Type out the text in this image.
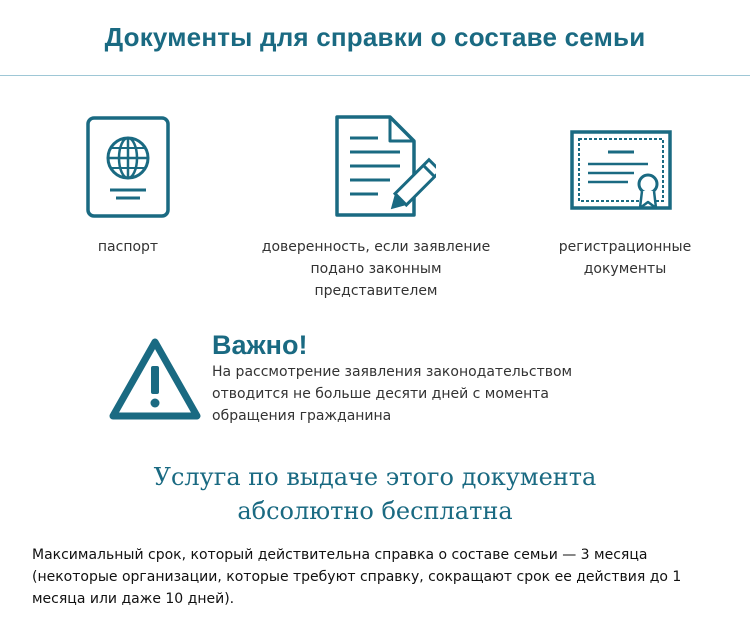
Документы для справки о составе семьи
паспорт	доверенность, если заявление подано законным представителем
регистрационные документы
Важно!
На рассмотрение заявления законодательством отводится не больше десяти дней с момента обращения гражданина
Услуга по выдаче этого документа
абсолютно бесплатна
Максимальный срок, который действительна справка о составе семьи — 3 месяца (некоторые организации, которые требуют справку, сокращают срок ее действия до 1 месяца или даже 10 дней).
